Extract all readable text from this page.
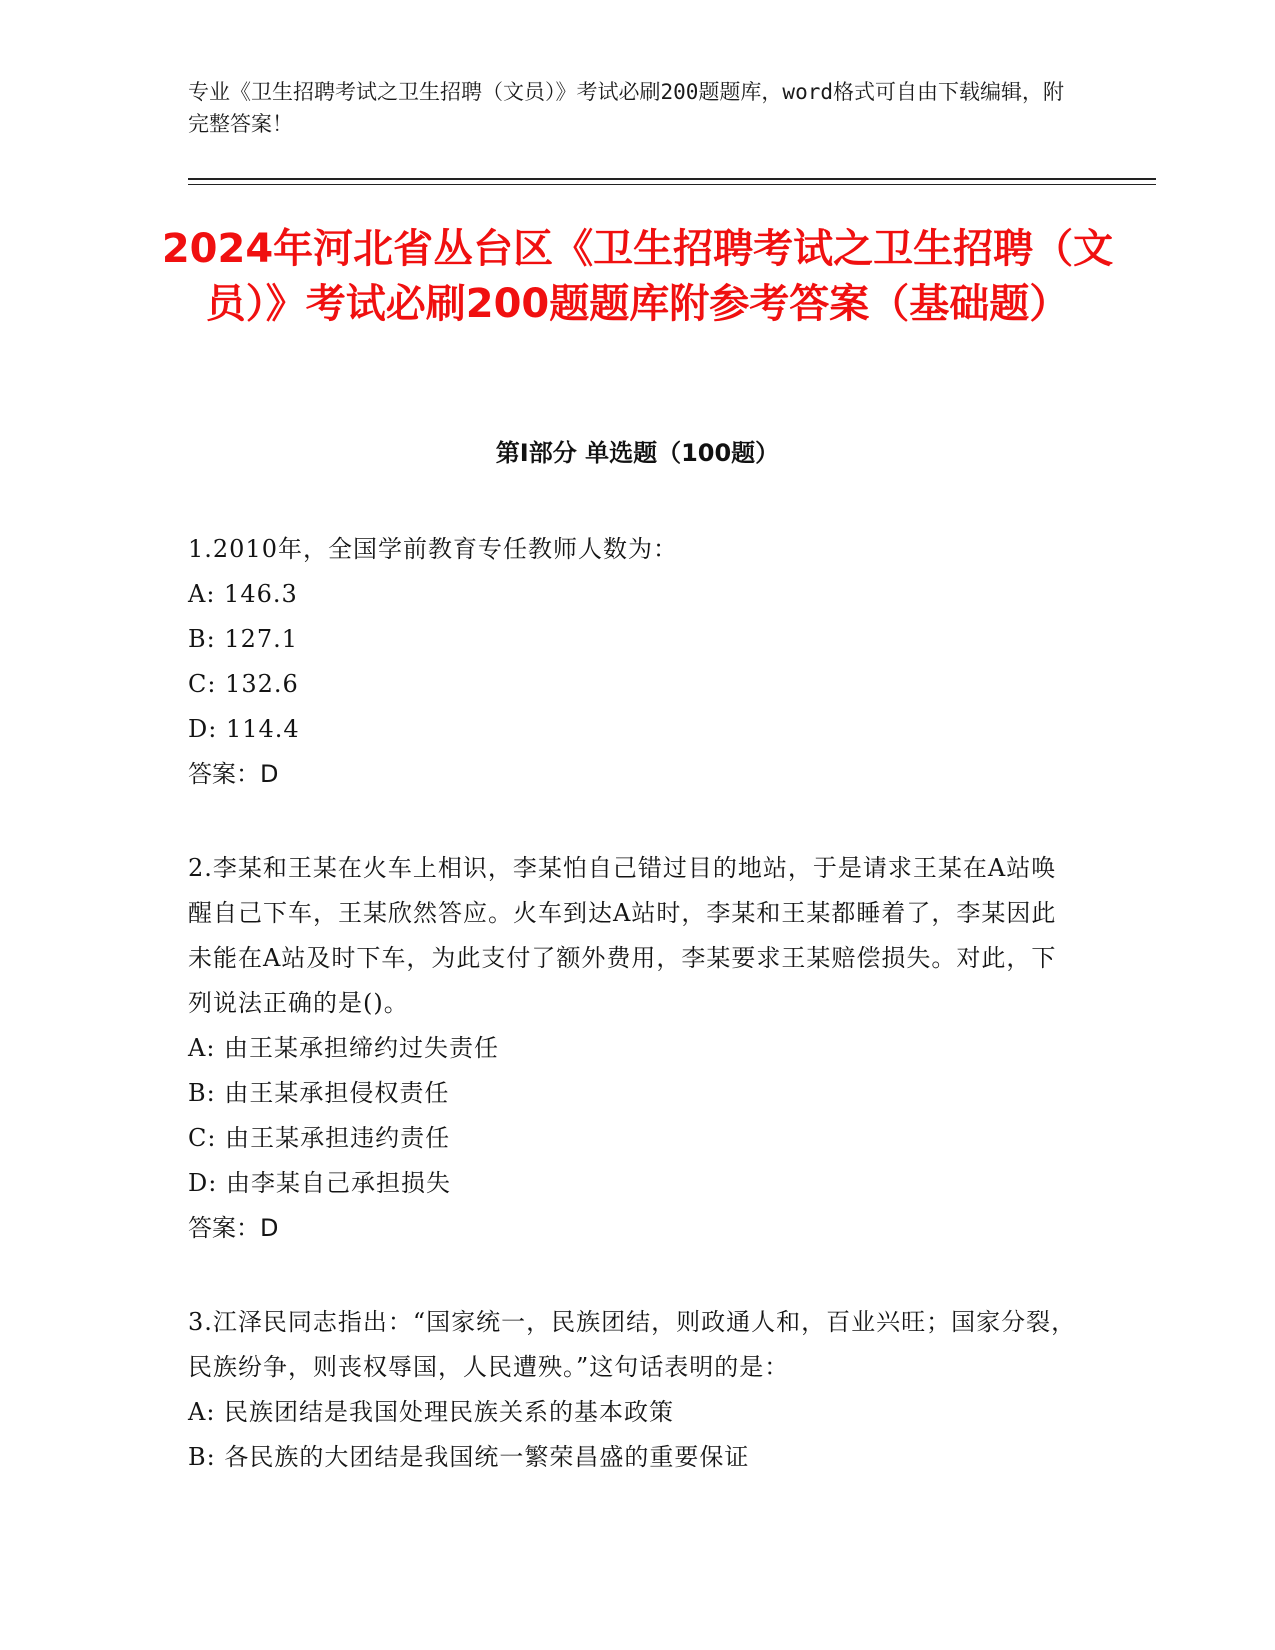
专业《卫生招聘考试之卫生招聘（文员）》考试必刷200题题库，word格式可自由下载编辑，附完整答案！
2024年河北省丛台区《卫生招聘考试之卫生招聘（文员）》考试必刷200题题库附参考答案（基础题）
第I部分 单选题（100题）
1.2010年，全国学前教育专任教师人数为：
A: 146.3
B: 127.1
C: 132.6
D: 114.4
答案：D
2.李某和王某在火车上相识，李某怕自己错过目的地站，于是请求王某在A站唤醒自己下车，王某欣然答应。火车到达A站时，李某和王某都睡着了，李某因此未能在A站及时下车，为此支付了额外费用，李某要求王某赔偿损失。对此，下列说法正确的是()。
A: 由王某承担缔约过失责任
B: 由王某承担侵权责任
C: 由王某承担违约责任
D: 由李某自己承担损失
答案：D
3.江泽民同志指出：“国家统一，民族团结，则政通人和，百业兴旺；国家分裂，民族纷争，则丧权辱国，人民遭殃。”这句话表明的是：
A: 民族团结是我国处理民族关系的基本政策
B: 各民族的大团结是我国统一繁荣昌盛的重要保证
